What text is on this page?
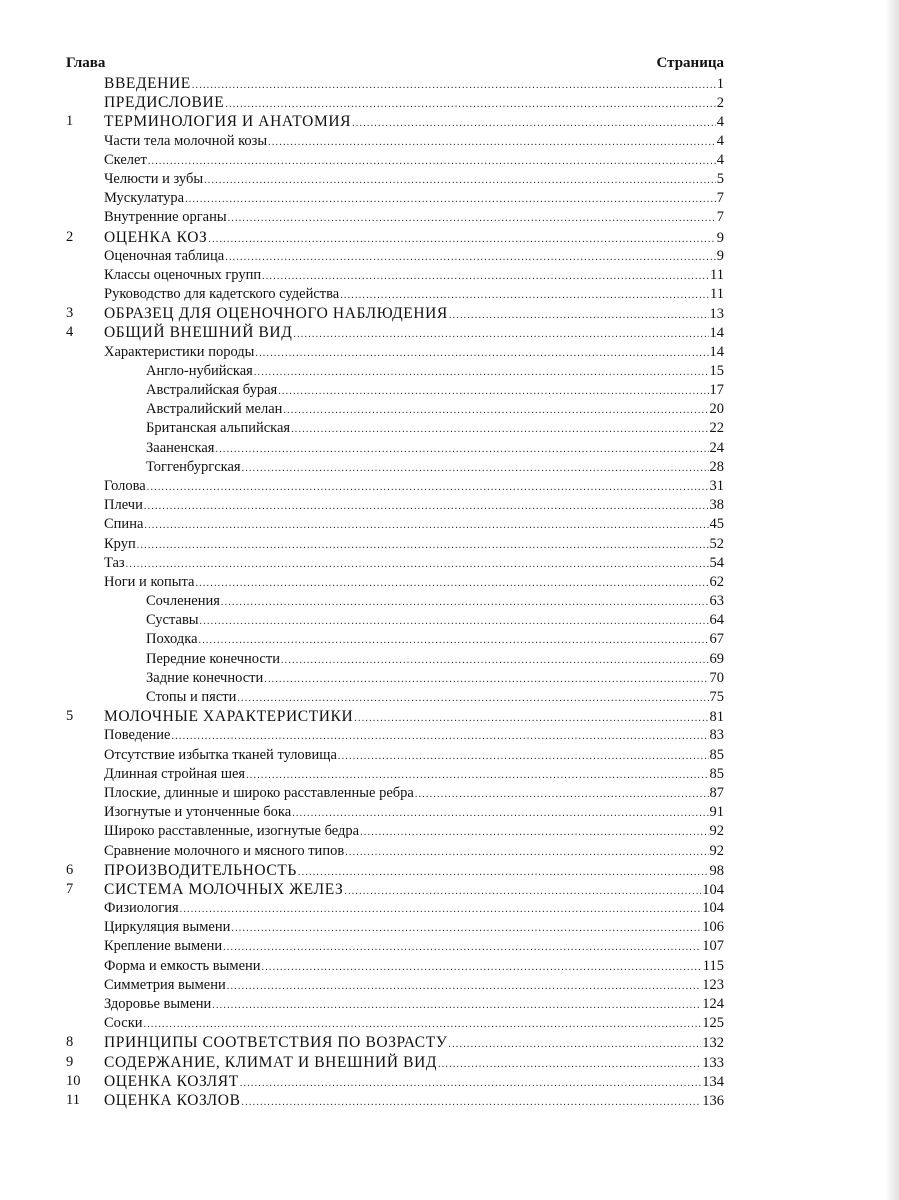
Глава	Страница
ВВЕДЕНИЕ .....	1
ПРЕДИСЛОВИЕ .....	2
1 ТЕРМИНОЛОГИЯ И АНАТОМИЯ .....	4
Части тела молочной козы .....	4
Скелет .....	4
Челюсти и зубы .....	5
Мускулатура .....	7
Внутренние органы .....	7
2 ОЦЕНКА КОЗ .....	9
Оценочная таблица .....	9
Классы оценочных групп .....	11
Руководство для кадетского судейства .....	11
3 ОБРАЗЕЦ ДЛЯ ОЦЕНОЧНОГО НАБЛЮДЕНИЯ .....	13
4 ОБЩИЙ ВНЕШНИЙ ВИД .....	14
Характеристики породы .....	14
Англо-нубийская .....	15
Австралийская бурая .....	17
Австралийский мелан .....	20
Британская альпийская .....	22
Зааненская .....	24
Тоггенбургская .....	28
Голова .....	31
Плечи .....	38
Спина .....	45
Круп .....	52
Таз .....	54
Ноги и копыта .....	62
Сочленения .....	63
Суставы .....	64
Походка .....	67
Передние конечности .....	69
Задние конечности .....	70
Стопы и пясти .....	75
5 МОЛОЧНЫЕ ХАРАКТЕРИСТИКИ .....	81
Поведение .....	83
Отсутствие избытка тканей туловища .....	85
Длинная стройная шея .....	85
Плоские, длинные и широко расставленные ребра .....	87
Изогнутые и утонченные бока .....	91
Широко расставленные, изогнутые бедра .....	92
Сравнение молочного и мясного типов .....	92
6 ПРОИЗВОДИТЕЛЬНОСТЬ .....	98
7 СИСТЕМА МОЛОЧНЫХ ЖЕЛЕЗ .....	104
Физиология .....	104
Циркуляция вымени .....	106
Крепление вымени .....	107
Форма и емкость вымени .....	115
Симметрия вымени .....	123
Здоровье вымени .....	124
Соски .....	125
8 ПРИНЦИПЫ СООТВЕТСТВИЯ ПО ВОЗРАСТУ .....	132
9 СОДЕРЖАНИЕ, КЛИМАТ И ВНЕШНИЙ ВИД .....	133
10 ОЦЕНКА КОЗЛЯТ .....	134
11 ОЦЕНКА КОЗЛОВ .....	136
